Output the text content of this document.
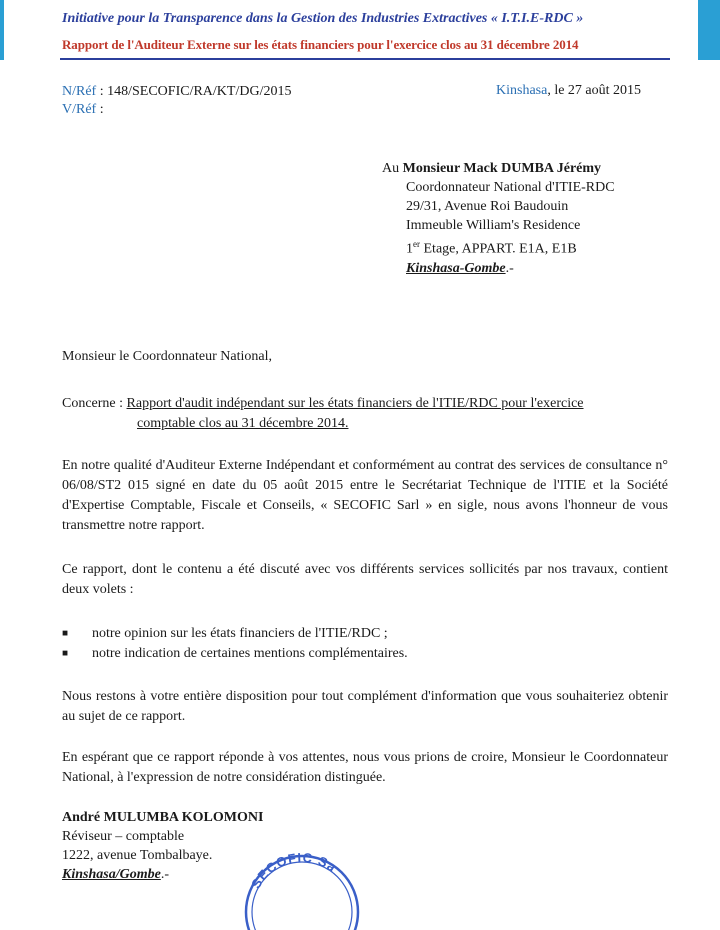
Initiative pour la Transparence dans la Gestion des Industries Extractives « I.T.I.E-RDC »
Rapport de l'Auditeur Externe sur les états financiers pour l'exercice clos au 31 décembre 2014
N/Réf : 148/SECOFIC/RA/KT/DG/2015
V/Réf :
Kinshasa, le 27 août 2015
Au Monsieur Mack DUMBA Jérémy
Coordonnateur National d'ITIE-RDC
29/31, Avenue Roi Baudouin
Immeuble William's Residence
1er Etage, APPART. E1A, E1B
Kinshasa-Gombe.-
Monsieur le Coordonnateur National,
Concerne : Rapport d'audit indépendant sur les états financiers de l'ITIE/RDC pour l'exercice
comptable clos au 31 décembre 2014.
En notre qualité d'Auditeur Externe Indépendant et conformément au contrat des services de consultance n° 06/08/ST2 015 signé en date du 05 août 2015 entre le Secrétariat Technique de l'ITIE et la Société d'Expertise Comptable, Fiscale et Conseils, « SECOFIC Sarl » en sigle, nous avons l'honneur de vous transmettre notre rapport.
Ce rapport, dont le contenu a été discuté avec vos différents services sollicités par nos travaux, contient deux volets :
■	notre opinion sur les états financiers de l'ITIE/RDC ;
■	notre indication de certaines mentions complémentaires.
Nous restons à votre entière disposition pour tout complément d'information que vous souhaiteriez obtenir au sujet de ce rapport.
En espérant que ce rapport réponde à vos attentes, nous vous prions de croire, Monsieur le Coordonnateur National, à l'expression de notre considération distinguée.
André MULUMBA KOLOMONI
Réviseur – comptable
1222, avenue Tombalbaye.
Kinshasa/Gombe.-
SECOFIC Sa
